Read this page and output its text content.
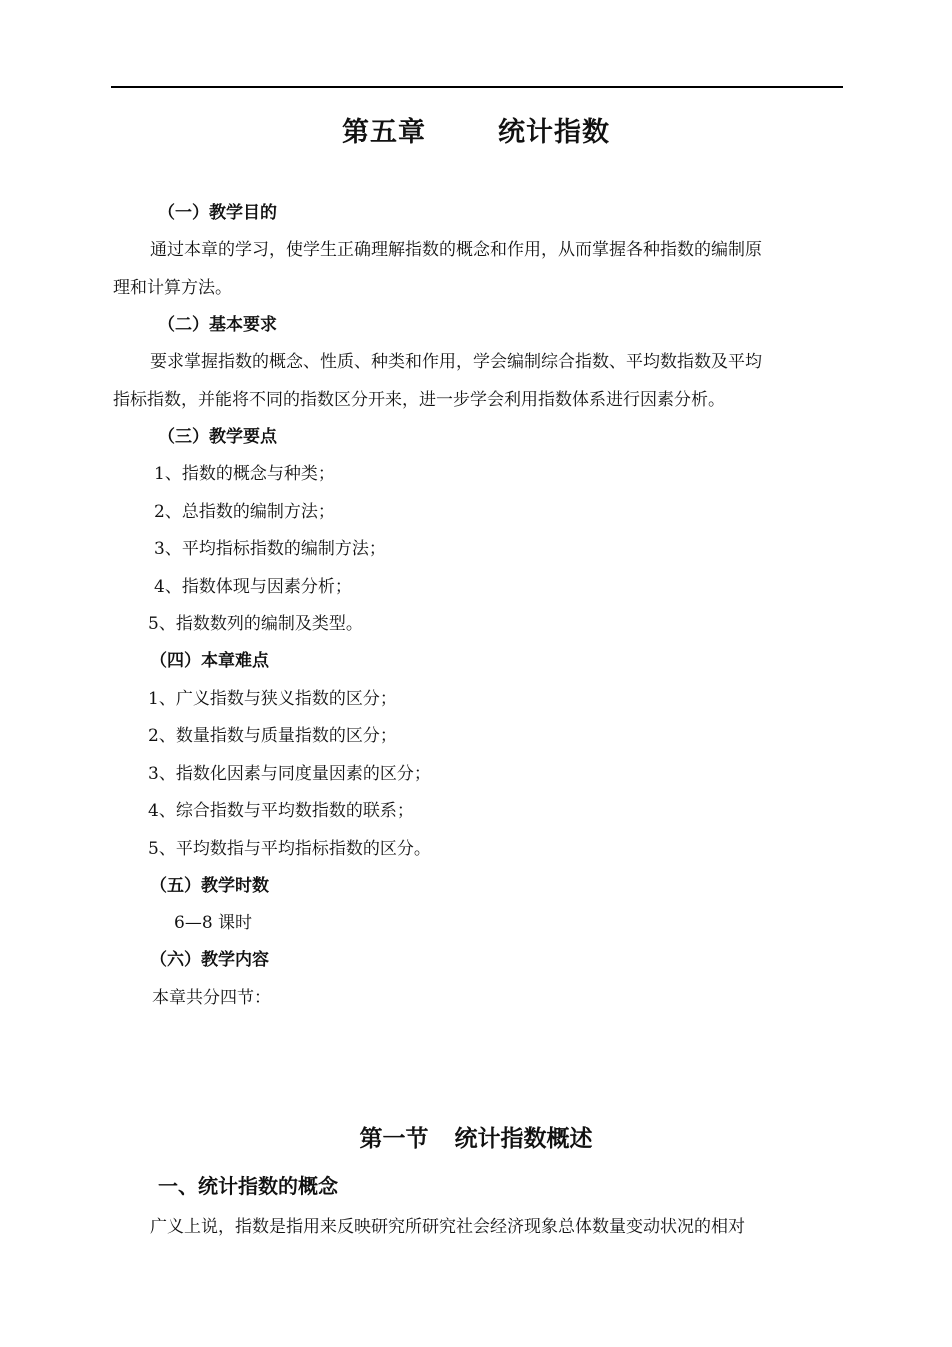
第五章	统计指数
（一）教学目的
通过本章的学习，使学生正确理解指数的概念和作用，从而掌握各种指数的编制原
理和计算方法。
（二）基本要求
要求掌握指数的概念、性质、种类和作用，学会编制综合指数、平均数指数及平均
指标指数，并能将不同的指数区分开来，进一步学会利用指数体系进行因素分析。
（三）教学要点
1、指数的概念与种类；
2、总指数的编制方法；
3、平均指标指数的编制方法；
4、指数体现与因素分析；
5、指数数列的编制及类型。
（四）本章难点
1、广义指数与狭义指数的区分；
2、数量指数与质量指数的区分；
3、指数化因素与同度量因素的区分；
4、综合指数与平均数指数的联系；
5、平均数指与平均指标指数的区分。
（五）教学时数
6—8 课时
（六）教学内容
本章共分四节：
第一节 统计指数概述
一、统计指数的概念
广义上说，指数是指用来反映研究所研究社会经济现象总体数量变动状况的相对
